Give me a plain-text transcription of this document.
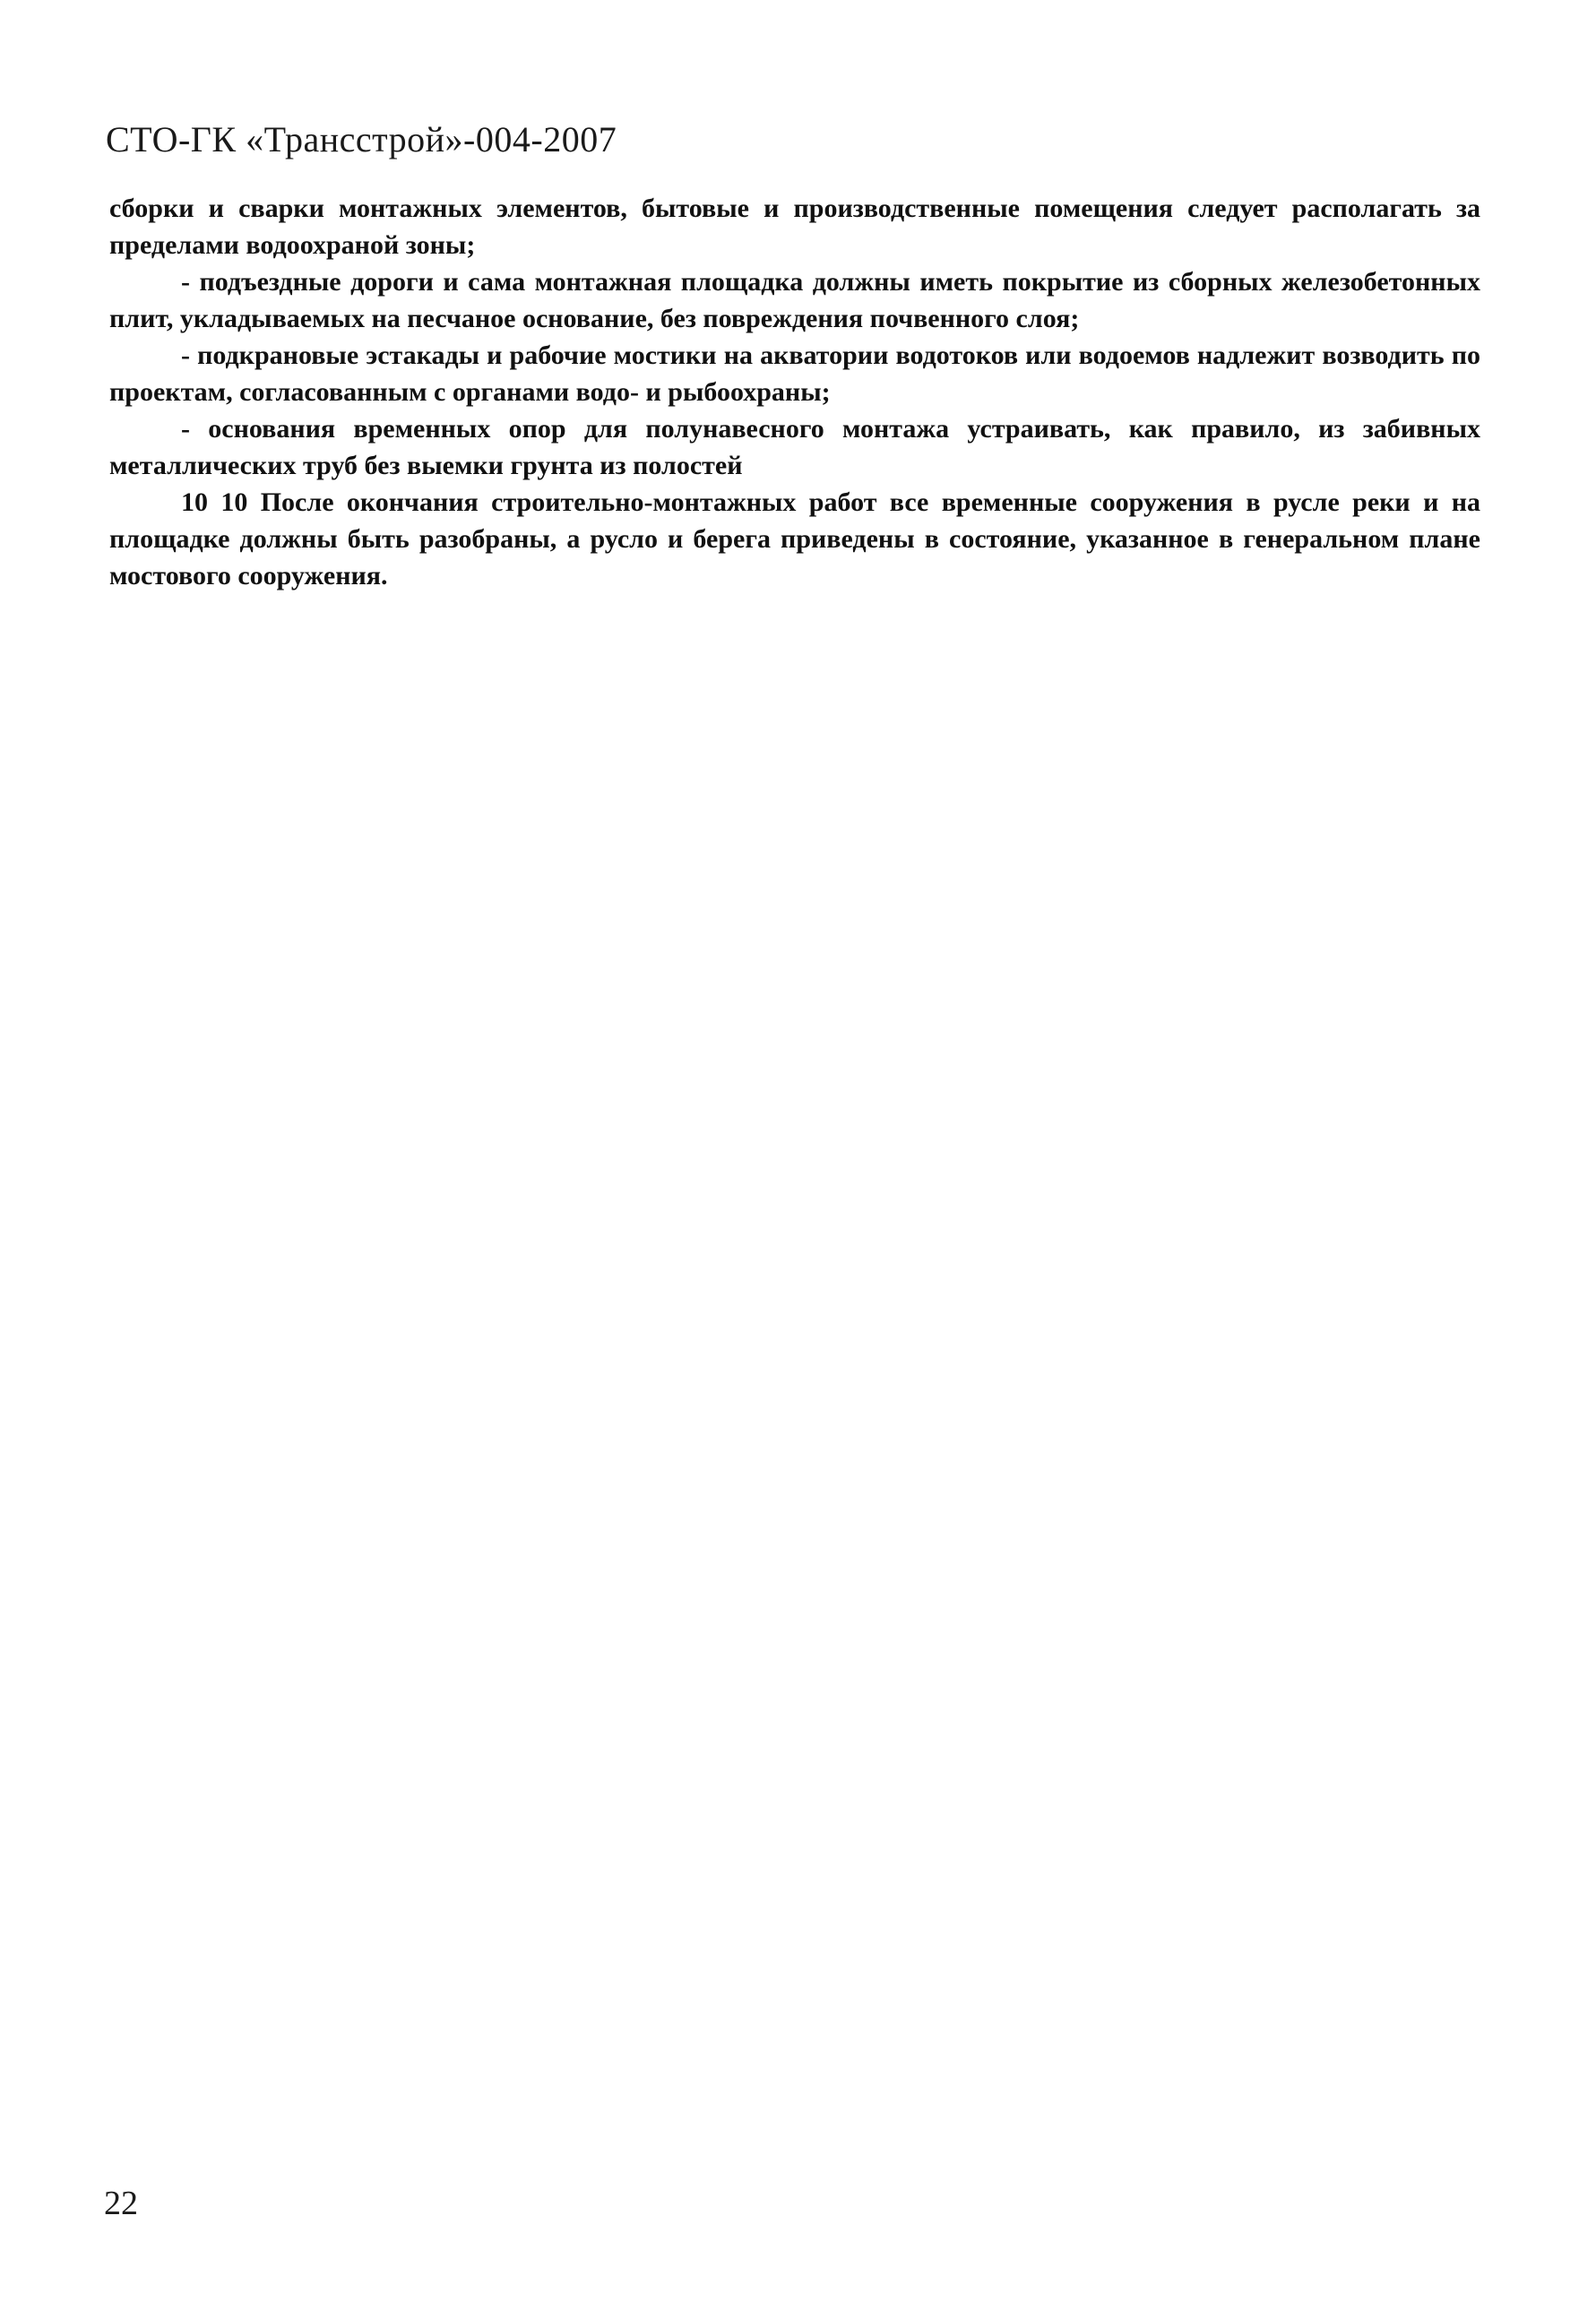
СТО-ГК «Трансстрой»-004-2007

сборки и сварки монтажных элементов, бытовые и производственные помещения следует располагать за пределами водоохраной зоны;

- подъездные дороги и сама монтажная площадка должны иметь покрытие из сборных железобетонных плит, укладываемых на песчаное основание, без повреждения почвенного слоя;

- подкрановые эстакады и рабочие мостики на акватории водотоков или водоемов надлежит возводить по проектам, согласованным с органами водо- и рыбоохраны;

- основания временных опор для полунавесного монтажа устраивать, как правило, из забивных металлических труб без выемки грунта из полостей

10 10 После окончания строительно-монтажных работ все временные сооружения в русле реки и на площадке должны быть разобраны, а русло и берега приведены в состояние, указанное в генеральном плане мостового сооружения.

22
